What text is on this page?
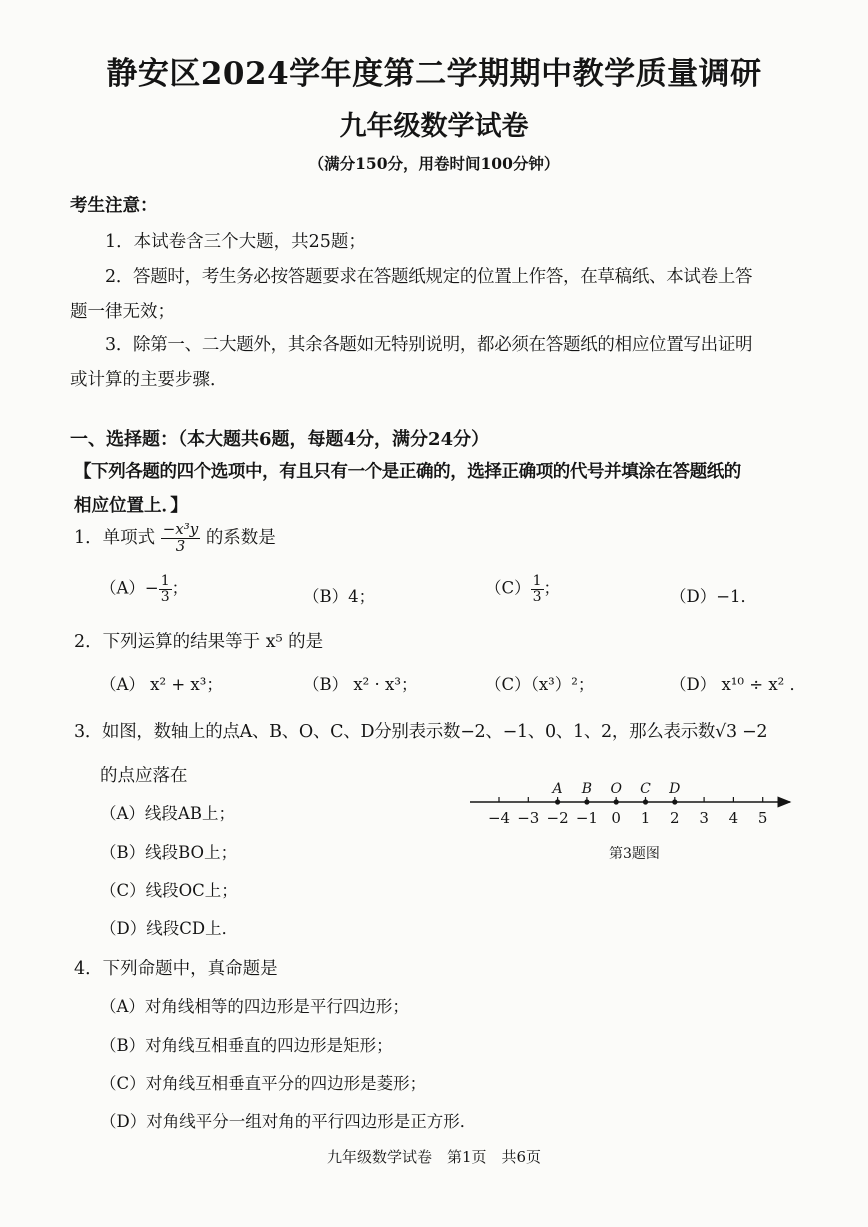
静安区2024学年度第二学期期中教学质量调研
九年级数学试卷
（满分150分，用卷时间100分钟）
考生注意：
1．本试卷含三个大题，共25题；
2．答题时，考生务必按答题要求在答题纸规定的位置上作答，在草稿纸、本试卷上答
题一律无效；
3．除第一、二大题外，其余各题如无特别说明，都必须在答题纸的相应位置写出证明
或计算的主要步骤．
一、选择题：（本大题共6题，每题4分，满分24分）
【下列各题的四个选项中，有且只有一个是正确的，选择正确项的代号并填涂在答题纸的
相应位置上．】
1．单项式 $\frac{\text{−x³y}}{3}$ 的系数是
$(A)- \frac{1}{3}$ ；	（B）4；	$(C) \frac{1}{3}$ ；	（D）−1．
2．下列运算的结果等于 x⁵ 的是
（A） x² + x³；	（B） x² · x³；	（C）（x³）²；	（D） x¹⁰ ÷ x² ．
3．如图，数轴上的点A、B、O、C、D分别表示数−2、−1、0、1、2，那么表示数√3 −2
的点应落在
（A）线段AB上；
（B）线段BO上；
（C）线段OC上；
（D）线段CD上．
−4 −3 −2 −1 0 1 2 3 4 5
A B O C D
第3题图
4．下列命题中，真命题是
（A）对角线相等的四边形是平行四边形；
（B）对角线互相垂直的四边形是矩形；
（C）对角线互相垂直平分的四边形是菱形；
（D）对角线平分一组对角的平行四边形是正方形．
九年级数学试卷　第1页　共6页
